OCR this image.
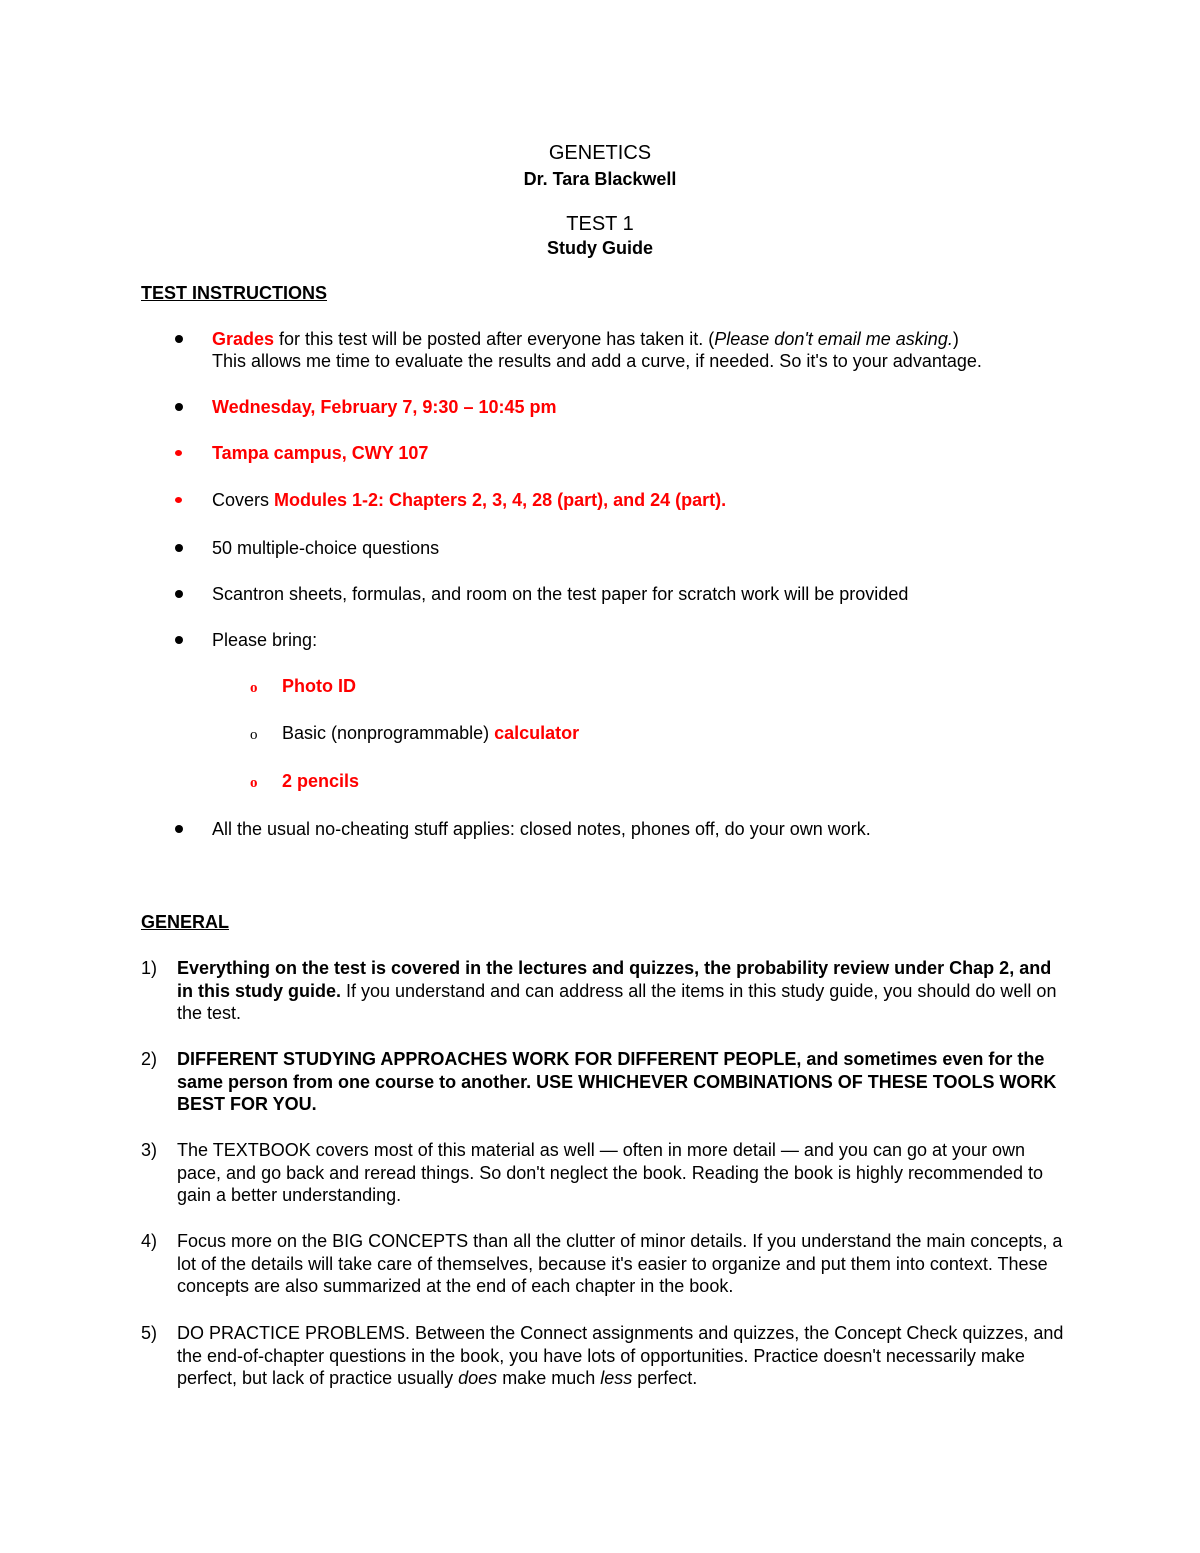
GENETICS
Dr. Tara Blackwell
TEST 1
Study Guide
TEST INSTRUCTIONS
Grades for this test will be posted after everyone has taken it. (Please don't email me asking.)
This allows me time to evaluate the results and add a curve, if needed. So it's to your advantage.
Wednesday, February 7, 9:30 – 10:45 pm
Tampa campus, CWY 107
Covers Modules 1-2: Chapters 2, 3, 4, 28 (part), and 24 (part).
50 multiple-choice questions
Scantron sheets, formulas, and room on the test paper for scratch work will be provided
Please bring:
o Photo ID
o Basic (nonprogrammable) calculator
o 2 pencils
All the usual no-cheating stuff applies: closed notes, phones off, do your own work.
GENERAL
1)	Everything on the test is covered in the lectures and quizzes, the probability review under Chap 2, and in this study guide. If you understand and can address all the items in this study guide, you should do well on the test.
2)	DIFFERENT STUDYING APPROACHES WORK FOR DIFFERENT PEOPLE, and sometimes even for the same person from one course to another. USE WHICHEVER COMBINATIONS OF THESE TOOLS WORK BEST FOR YOU.
3)	The TEXTBOOK covers most of this material as well — often in more detail — and you can go at your own pace, and go back and reread things. So don't neglect the book. Reading the book is highly recommended to gain a better understanding.
4)	Focus more on the BIG CONCEPTS than all the clutter of minor details. If you understand the main concepts, a lot of the details will take care of themselves, because it's easier to organize and put them into context. These concepts are also summarized at the end of each chapter in the book.
5)	DO PRACTICE PROBLEMS. Between the Connect assignments and quizzes, the Concept Check quizzes, and the end-of-chapter questions in the book, you have lots of opportunities. Practice doesn't necessarily make perfect, but lack of practice usually does make much less perfect.
